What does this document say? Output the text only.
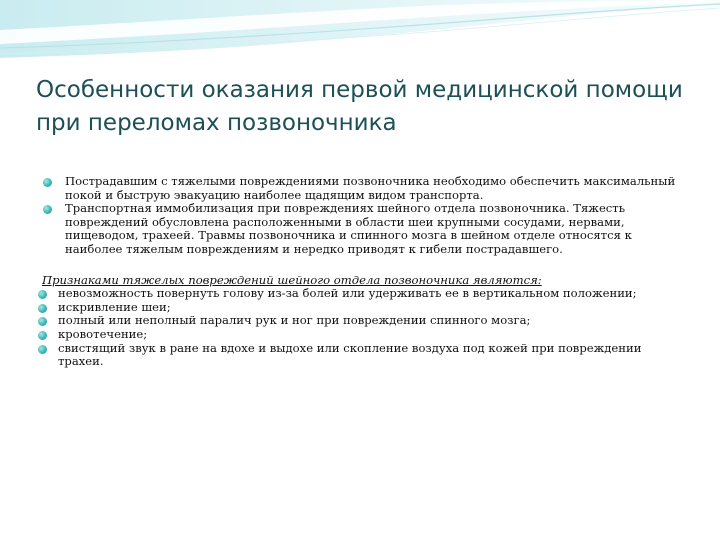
Особенности оказания первой медицинской помощи при переломах позвоночника
Пострадавшим с тяжелыми повреждениями позвоночника необходимо обеспечить максимальный покой и быструю эвакуацию наиболее щадящим видом транспорта.
Транспортная иммобилизация при повреждениях шейного отдела позвоночника. Тяжесть повреждений обусловлена расположенными в области шеи крупными сосудами, нервами, пищеводом, трахеей. Травмы позвоночника и спинного мозга в шейном отделе относятся к наиболее тяжелым повреждениям и нередко приводят к гибели пострадавшего.
Признаками тяжелых повреждений шейного отдела позвоночника являются:
невозможность повернуть голову из-за болей или удерживать ее в вертикальном положении;
искривление шеи;
полный или неполный паралич рук и ног при повреждении спинного мозга;
кровотечение;
свистящий звук в ране на вдохе и выдохе или скопление воздуха под кожей при повреждении трахеи.
